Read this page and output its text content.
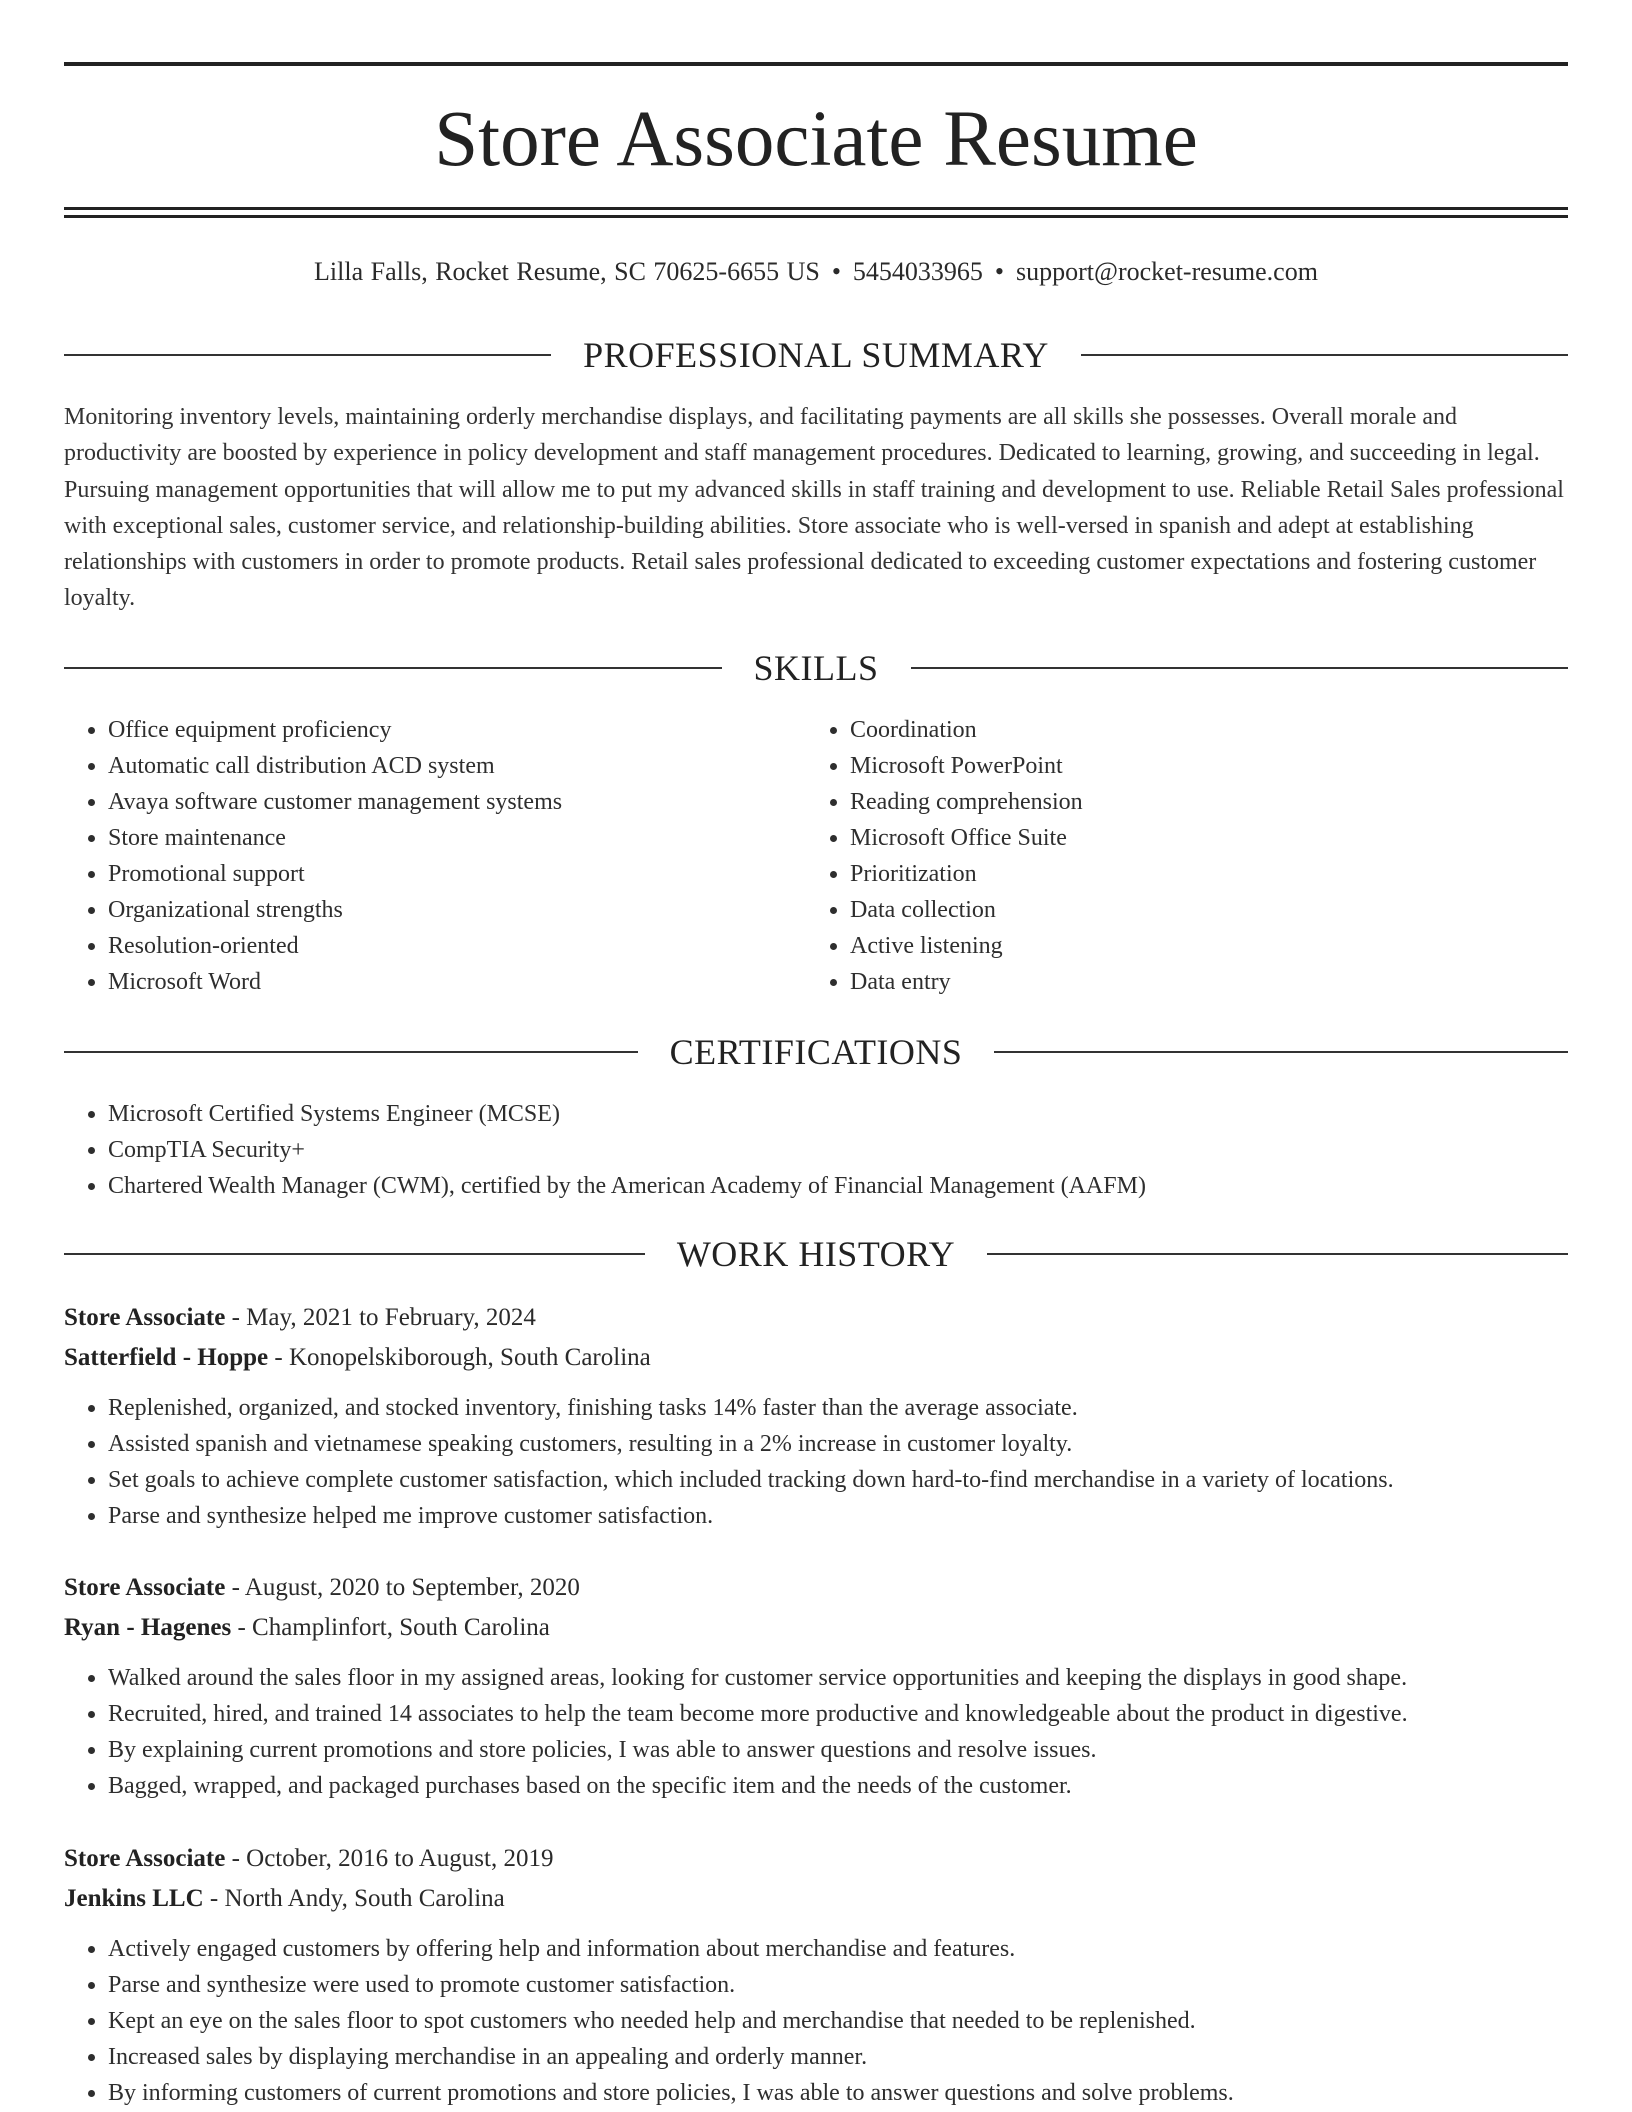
Store Associate Resume
Lilla Falls, Rocket Resume, SC 70625-6655 US • 5454033965 • support@rocket-resume.com
PROFESSIONAL SUMMARY

Monitoring inventory levels, maintaining orderly merchandise displays, and facilitating payments are all skills she possesses. Overall morale and productivity are boosted by experience in policy development and staff management procedures. Dedicated to learning, growing, and succeeding in legal. Pursuing management opportunities that will allow me to put my advanced skills in staff training and development to use. Reliable Retail Sales professional with exceptional sales, customer service, and relationship-building abilities. Store associate who is well-versed in spanish and adept at establishing relationships with customers in order to promote products. Retail sales professional dedicated to exceeding customer expectations and fostering customer loyalty.

SKILLS
• Office equipment proficiency
• Automatic call distribution ACD system
• Avaya software customer management systems
• Store maintenance
• Promotional support
• Organizational strengths
• Resolution-oriented
• Microsoft Word
• Coordination
• Microsoft PowerPoint
• Reading comprehension
• Microsoft Office Suite
• Prioritization
• Data collection
• Active listening
• Data entry
CERTIFICATIONS
• Microsoft Certified Systems Engineer (MCSE)
• CompTIA Security+
• Chartered Wealth Manager (CWM), certified by the American Academy of Financial Management (AAFM)
WORK HISTORY
Store Associate - May, 2021 to February, 2024
Satterfield - Hoppe - Konopelskiborough, South Carolina
• Replenished, organized, and stocked inventory, finishing tasks 14% faster than the average associate.
• Assisted spanish and vietnamese speaking customers, resulting in a 2% increase in customer loyalty.
• Set goals to achieve complete customer satisfaction, which included tracking down hard-to-find merchandise in a variety of locations.
• Parse and synthesize helped me improve customer satisfaction.
Store Associate - August, 2020 to September, 2020
Ryan - Hagenes - Champlinfort, South Carolina
• Walked around the sales floor in my assigned areas, looking for customer service opportunities and keeping the displays in good shape.
• Recruited, hired, and trained 14 associates to help the team become more productive and knowledgeable about the product in digestive.
• By explaining current promotions and store policies, I was able to answer questions and resolve issues.
• Bagged, wrapped, and packaged purchases based on the specific item and the needs of the customer.
Store Associate - October, 2016 to August, 2019
Jenkins LLC - North Andy, South Carolina
• Actively engaged customers by offering help and information about merchandise and features.
• Parse and synthesize were used to promote customer satisfaction.
• Kept an eye on the sales floor to spot customers who needed help and merchandise that needed to be replenished.
• Increased sales by displaying merchandise in an appealing and orderly manner.
• By informing customers of current promotions and store policies, I was able to answer questions and solve problems.
